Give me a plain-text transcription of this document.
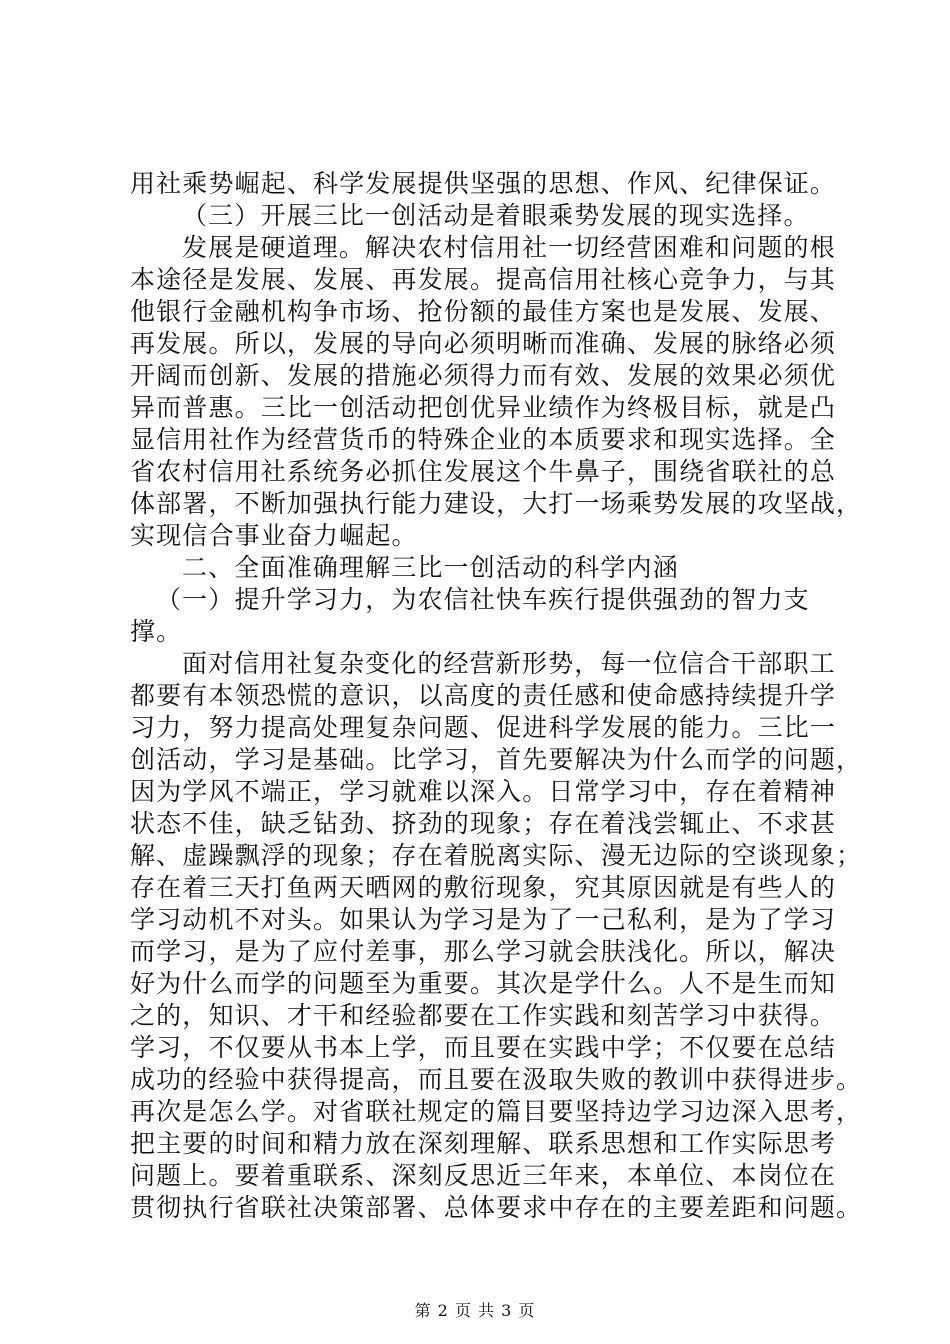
用社乘势崛起、科学发展提供坚强的思想、作风、纪律保证。
（三）开展三比一创活动是着眼乘势发展的现实选择。
发展是硬道理。解决农村信用社一切经营困难和问题的根
本途径是发展、发展、再发展。提高信用社核心竞争力，与其
他银行金融机构争市场、抢份额的最佳方案也是发展、发展、
再发展。所以，发展的导向必须明晰而准确、发展的脉络必须
开阔而创新、发展的措施必须得力而有效、发展的效果必须优
异而普惠。三比一创活动把创优异业绩作为终极目标，就是凸
显信用社作为经营货币的特殊企业的本质要求和现实选择。全
省农村信用社系统务必抓住发展这个牛鼻子，围绕省联社的总
体部署，不断加强执行能力建设，大打一场乘势发展的攻坚战，
实现信合事业奋力崛起。
二、全面准确理解三比一创活动的科学内涵
（一）提升学习力，为农信社快车疾行提供强劲的智力支
撑。
面对信用社复杂变化的经营新形势，每一位信合干部职工
都要有本领恐慌的意识，以高度的责任感和使命感持续提升学
习力，努力提高处理复杂问题、促进科学发展的能力。三比一
创活动，学习是基础。比学习，首先要解决为什么而学的问题，
因为学风不端正，学习就难以深入。日常学习中，存在着精神
状态不佳，缺乏钻劲、挤劲的现象；存在着浅尝辄止、不求甚
解、虚躁飘浮的现象；存在着脱离实际、漫无边际的空谈现象；
存在着三天打鱼两天晒网的敷衍现象，究其原因就是有些人的
学习动机不对头。如果认为学习是为了一己私利，是为了学习
而学习，是为了应付差事，那么学习就会肤浅化。所以，解决
好为什么而学的问题至为重要。其次是学什么。人不是生而知
之的，知识、才干和经验都要在工作实践和刻苦学习中获得。
学习，不仅要从书本上学，而且要在实践中学；不仅要在总结
成功的经验中获得提高，而且要在汲取失败的教训中获得进步。
再次是怎么学。对省联社规定的篇目要坚持边学习边深入思考，
把主要的时间和精力放在深刻理解、联系思想和工作实际思考
问题上。要着重联系、深刻反思近三年来，本单位、本岗位在
贯彻执行省联社决策部署、总体要求中存在的主要差距和问题。
第 2 页 共 3 页
